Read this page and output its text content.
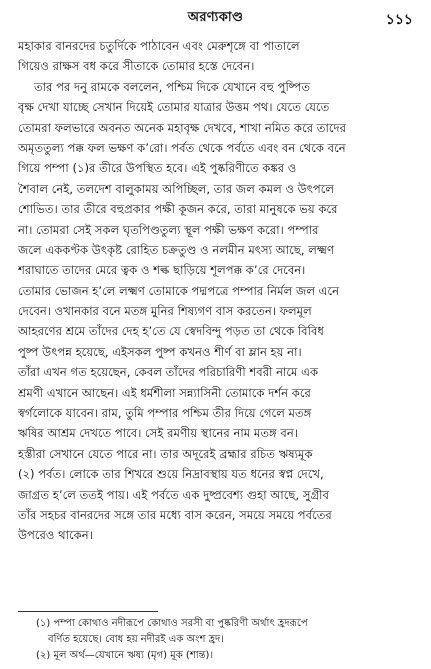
অরণ্যকাণ্ড	১১১
মহাকার বানরদের চতুর্দিকে পাঠাবেন এবং মেরুশৃঙ্গে বা পাতালে
গিয়েও রাক্ষস বধ করে সীতাকে তোমার হস্তে দেবেন।
তার পর দনু রামকে বললেন, পশ্চিম দিকে যেখানে বহু পুষ্পিত
বৃক্ষ দেখা যাচ্ছে সেখান দিয়েই তোমার যাত্রার উত্তম পথ। যেতে যেতে
তোমরা ফলভারে অবনত অনেক মহাবৃক্ষ দেখবে, শাখা নমিত করে তাদের
অমৃততুল্য পক্ক ফল ভক্ষণ ক’রো। পর্বত থেকে পর্বতে এবং বন থেকে বনে
গিয়ে পম্পা (১)র তীরে উপস্থিত হবে। এই পুষ্করিণীতে কঙ্কর ও
শৈবাল নেই, তলদেশ বালুকাময় অপিচ্ছিল, তার জল কমল ও উৎপলে
শোভিত। তার তীরে বহুপ্রকার পক্ষী কূজন করে, তারা মানুষকে ভয় করে
না। তোমরা সেই সকল ঘৃতপিণ্ডতুল্য স্থূল পক্ষী ভক্ষণ করো। পম্পার
জলে এককণ্টক উৎকৃষ্ট রোহিত চক্রতুণ্ড ও নলমীন মৎস্য আছে, লক্ষ্মণ
শরাঘাতে তাদের মেরে ত্বক ও শল্ক ছাড়িয়ে শূলপক্ক ক’রে দেবেন।
তোমার ভোজন হ’লে লক্ষ্মণ তোমাকে পদ্মপত্রে পম্পার নির্মল জল এনে
দেবেন। ওখানকার বনে মতঙ্গ মুনির শিষ্যগণ বাস করতেন। ফলমূল
আহরণের শ্রমে তাঁদের দেহ হ’তে যে স্বেদবিন্দু পড়ত তা থেকে বিবিধ
পুষ্প উৎপন্ন হয়েছে, এইসকল পুষ্প কখনও শীর্ণ বা ম্লান হয় না।
তাঁরা এখন গত হয়েছেন, কেবল তাঁদের পরিচারিণী শবরী নামে এক
শ্রমণী এখানে আছেন। এই ধর্মশীলা সন্ন্যাসিনী তোমাকে দর্শন করে
স্বর্গলোকে যাবেন। রাম, তুমি পম্পার পশ্চিম তীর দিয়ে গেলে মতঙ্গ
ঋষির আশ্রম দেখতে পাবে। সেই রমণীয় স্থানের নাম মতঙ্গ বন।
হস্তীরা সেখানে যেতে পারে না। তার অদূরেই ব্রহ্মার রচিত ঋষ্যমূক
(২) পর্বত। লোকে তার শিখরে শুয়ে নিদ্রাবস্থায় যত ধনের স্বপ্ন দেখে,
জাগ্রত হ’লে তত‌ই পায়। এই পর্বতে এক দুষ্প্রবেশ্য গুহা আছে, সুগ্রীব
তাঁর সহচর বানরদের সঙ্গে তার মধ্যে বাস করেন, সময়ে সময়ে পর্বতের
উপরেও থাকেন।
(১) পম্পা কোথাও নদীরূপে কোথাও সরসী বা পুষ্করিণী অর্থাৎ হ্রদরূপে
বর্ণিত হয়েছে। বোধ হয় নদীরই এক অংশ হ্রদ।
(২) মূল অর্থ—যেখানে ঋষ্য (মৃগ) মূক (শান্ত)।
